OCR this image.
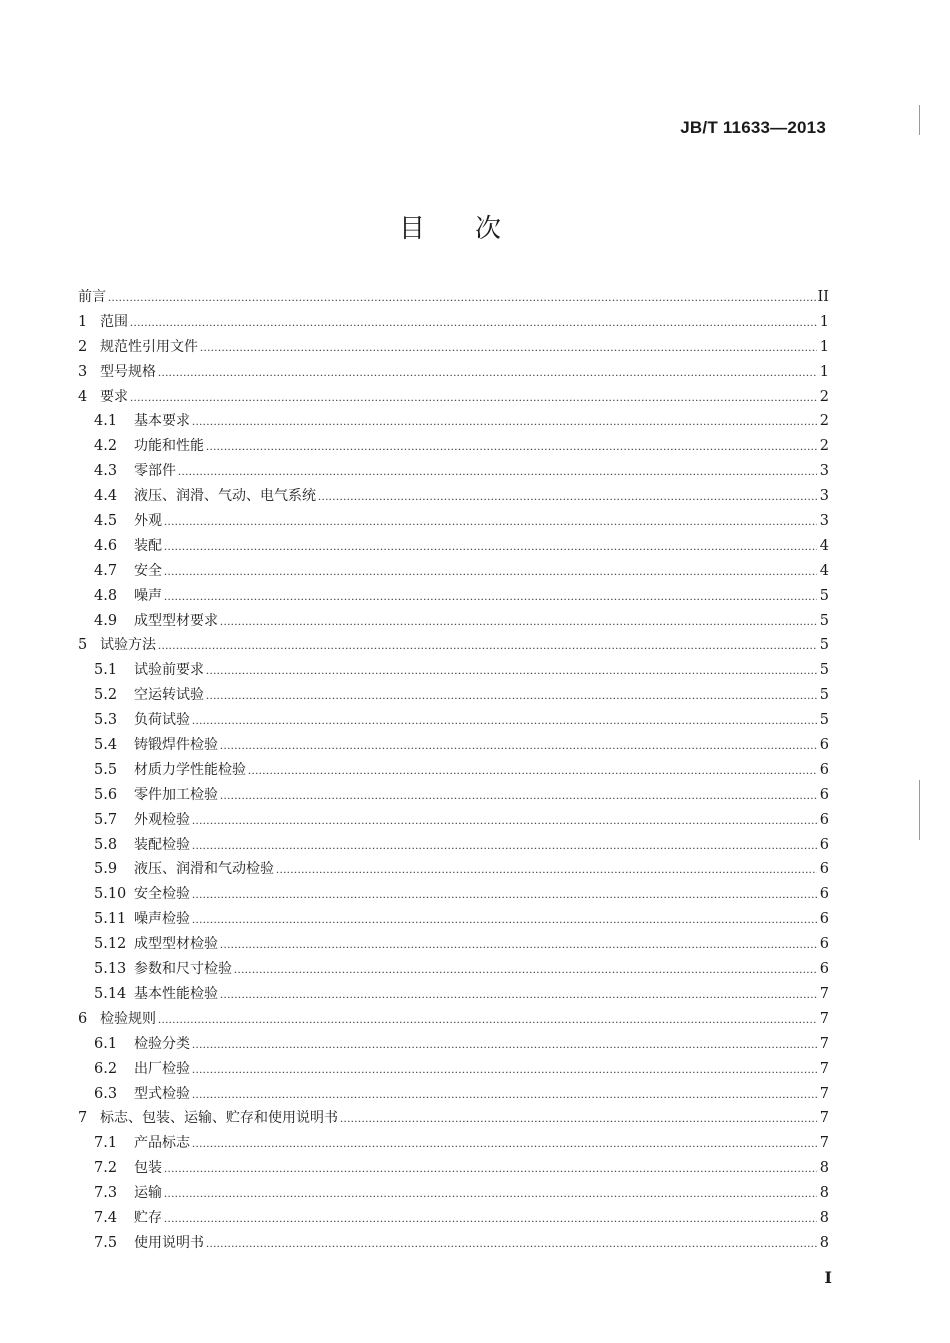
JB/T 11633—2013
目次
前言 .....	II
1 范围 .....	1
2 规范性引用文件 .....	1
3 型号规格 .....	1
4 要求 .....	2
4.1	基本要求 .....	2
4.2	功能和性能 .....	2
4.3	零部件 .....	3
4.4	液压、润滑、气动、电气系统 .....	3
4.5	外观 .....	3
4.6	装配 .....	4
4.7	安全 .....	4
4.8	噪声 .....	5
4.9	成型型材要求 .....	5
5 试验方法 .....	5
5.1	试验前要求 .....	5
5.2	空运转试验 .....	5
5.3	负荷试验 .....	5
5.4	铸锻焊件检验 .....	6
5.5	材质力学性能检验 .....	6
5.6	零件加工检验 .....	6
5.7	外观检验 .....	6
5.8	装配检验 .....	6
5.9	液压、润滑和气动检验 .....	6
5.10 安全检验 .....	6
5.11 噪声检验 .....	6
5.12 成型型材检验 .....	6
5.13 参数和尺寸检验 .....	6
5.14 基本性能检验 .....	7
6 检验规则 .....	7
6.1	检验分类 .....	7
6.2	出厂检验 .....	7
6.3	型式检验 .....	7
7 标志、包装、运输、贮存和使用说明书 .....	7
7.1	产品标志 .....	7
7.2	包装 .....	8
7.3	运输 .....	8
7.4	贮存 .....	8
7.5	使用说明书 .....	8
I
